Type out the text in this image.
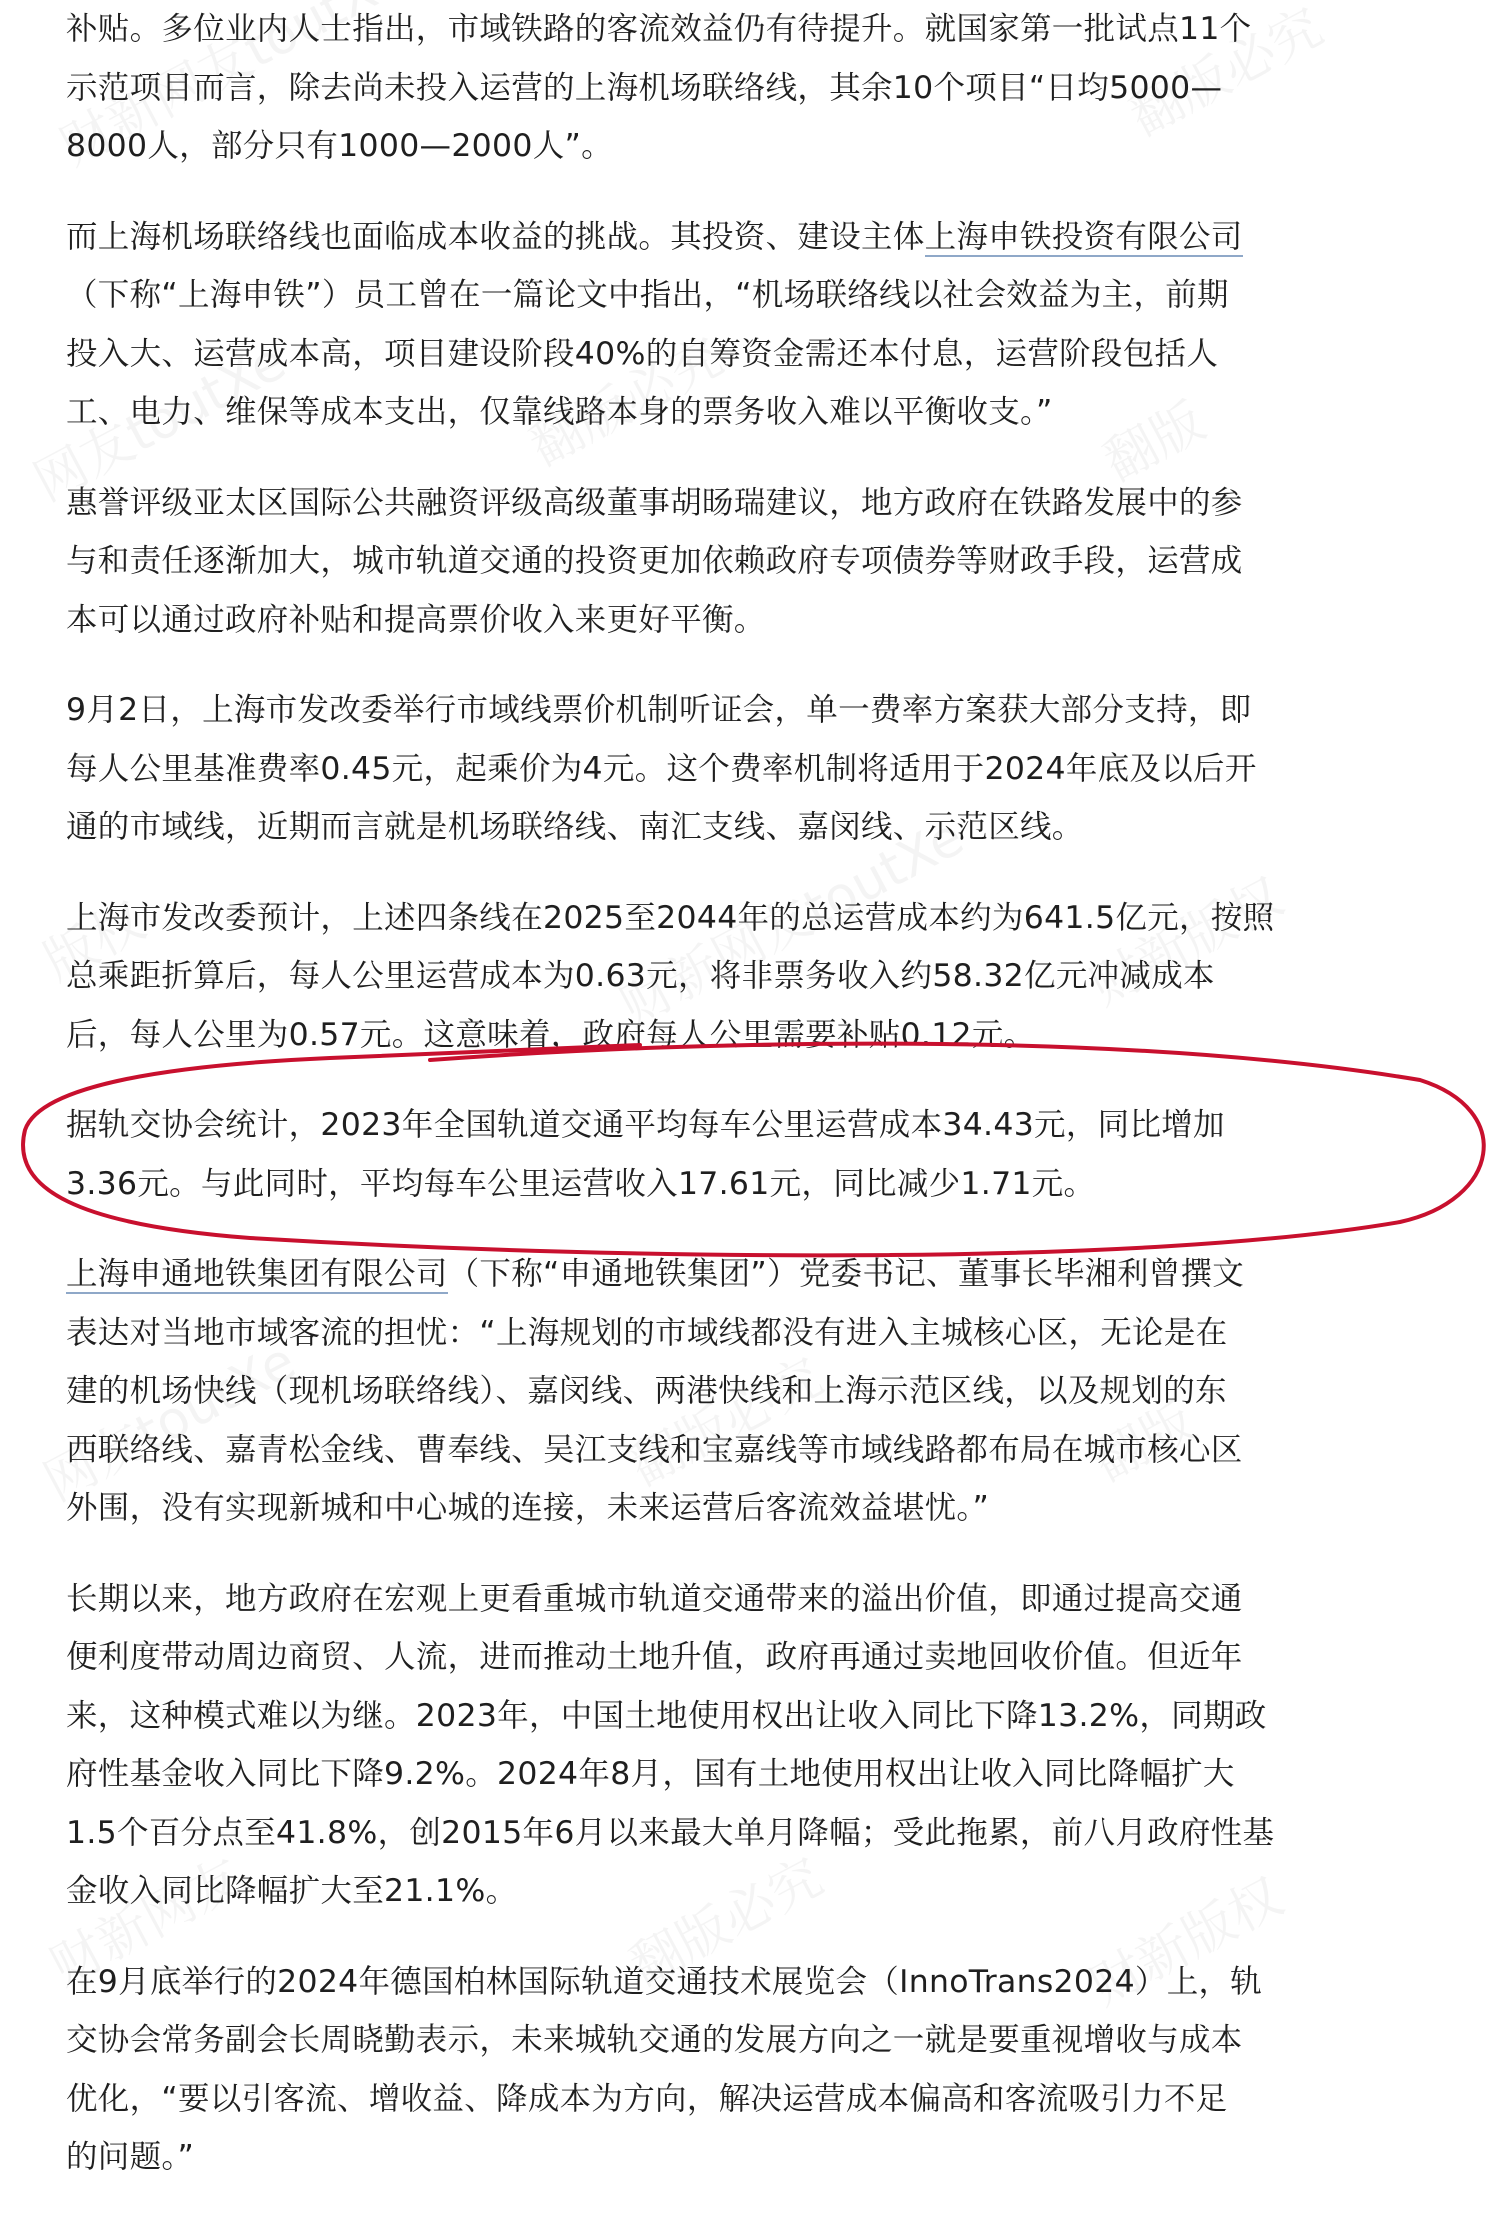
补贴。多位业内人士指出，市域铁路的客流效益仍有待提升。就国家第一批试点11个
示范项目而言，除去尚未投入运营的上海机场联络线，其余10个项目“日均5000—
8000人，部分只有1000—2000人”。
而上海机场联络线也面临成本收益的挑战。其投资、建设主体上海申铁投资有限公司
（下称“上海申铁”）员工曾在一篇论文中指出，“机场联络线以社会效益为主，前期
投入大、运营成本高，项目建设阶段40%的自筹资金需还本付息，运营阶段包括人
工、电力、维保等成本支出，仅靠线路本身的票务收入难以平衡收支。”
惠誉评级亚太区国际公共融资评级高级董事胡旸瑞建议，地方政府在铁路发展中的参
与和责任逐渐加大，城市轨道交通的投资更加依赖政府专项债券等财政手段，运营成
本可以通过政府补贴和提高票价收入来更好平衡。
9月2日，上海市发改委举行市域线票价机制听证会，单一费率方案获大部分支持，即
每人公里基准费率0.45元，起乘价为4元。这个费率机制将适用于2024年底及以后开
通的市域线，近期而言就是机场联络线、南汇支线、嘉闵线、示范区线。
上海市发改委预计，上述四条线在2025至2044年的总运营成本约为641.5亿元，按照
总乘距折算后，每人公里运营成本为0.63元，将非票务收入约58.32亿元冲减成本
后，每人公里为0.57元。这意味着，政府每人公里需要补贴0.12元。
据轨交协会统计，2023年全国轨道交通平均每车公里运营成本34.43元，同比增加
3.36元。与此同时，平均每车公里运营收入17.61元，同比减少1.71元。
上海申通地铁集团有限公司（下称“申通地铁集团”）党委书记、董事长毕湘利曾撰文
表达对当地市域客流的担忧：“上海规划的市域线都没有进入主城核心区，无论是在
建的机场快线（现机场联络线）、嘉闵线、两港快线和上海示范区线，以及规划的东
西联络线、嘉青松金线、曹奉线、吴江支线和宝嘉线等市域线路都布局在城市核心区
外围，没有实现新城和中心城的连接，未来运营后客流效益堪忧。”
长期以来，地方政府在宏观上更看重城市轨道交通带来的溢出价值，即通过提高交通
便利度带动周边商贸、人流，进而推动土地升值，政府再通过卖地回收价值。但近年
来，这种模式难以为继。2023年，中国土地使用权出让收入同比下降13.2%，同期政
府性基金收入同比下降9.2%。2024年8月，国有土地使用权出让收入同比降幅扩大
1.5个百分点至41.8%，创2015年6月以来最大单月降幅；受此拖累，前八月政府性基
金收入同比降幅扩大至21.1%。
在9月底举行的2024年德国柏林国际轨道交通技术展览会（InnoTrans2024）上，轨
交协会常务副会长周晓勤表示，未来城轨交通的发展方向之一就是要重视增收与成本
优化，“要以引客流、增收益、降成本为方向，解决运营成本偏高和客流吸引力不足
的问题。”
